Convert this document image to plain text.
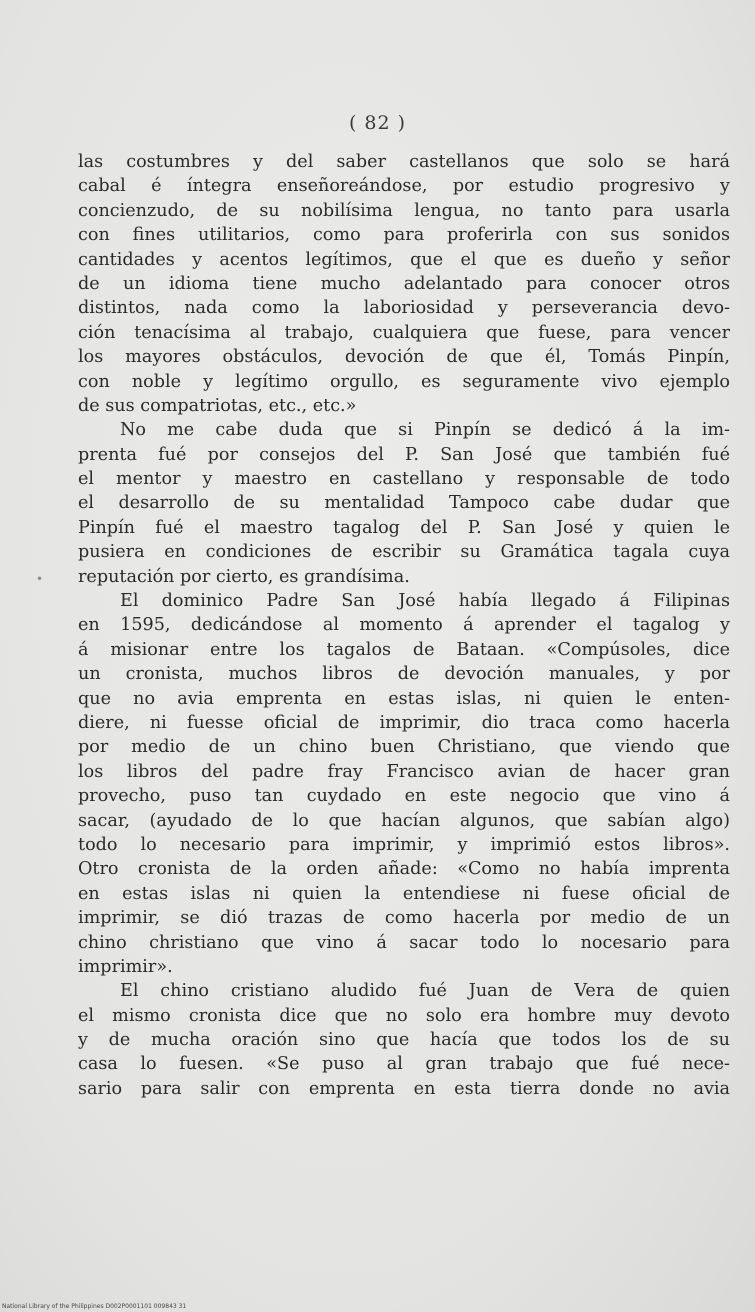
( 82 )
•
las costumbres y del saber castellanos que solo se hará
cabal é íntegra enseñoreándose, por estudio progresivo y
concienzudo, de su nobilísima lengua, no tanto para usarla
con fines utilitarios, como para proferirla con sus sonidos
cantidades y acentos legítimos, que el que es dueño y señor
de un idioma tiene mucho adelantado para conocer otros
distintos, nada como la laboriosidad y perseverancia devo-
ción tenacísima al trabajo, cualquiera que fuese, para vencer
los mayores obstáculos, devoción de que él, Tomás Pinpín,
con noble y legítimo orgullo, es seguramente vivo ejemplo
de sus compatriotas, etc., etc.»
No me cabe duda que si Pinpín se dedicó á la im-
prenta fué por consejos del P. San José que también fué
el mentor y maestro en castellano y responsable de todo
el desarrollo de su mentalidad Tampoco cabe dudar que
Pinpín fué el maestro tagalog del P. San José y quien le
pusiera en condiciones de escribir su Gramática tagala cuya
reputación por cierto, es grandísima.
El dominico Padre San José había llegado á Filipinas
en 1595, dedicándose al momento á aprender el tagalog y
á misionar entre los tagalos de Bataan. «Compúsoles, dice
un cronista, muchos libros de devoción manuales, y por
que no avia emprenta en estas islas, ni quien le enten-
diere, ni fuesse oficial de imprimir, dio traca como hacerla
por medio de un chino buen Christiano, que viendo que
los libros del padre fray Francisco avian de hacer gran
provecho, puso tan cuydado en este negocio que vino á
sacar, (ayudado de lo que hacían algunos, que sabían algo)
todo lo necesario para imprimir, y imprimió estos libros».
Otro cronista de la orden añade: «Como no había imprenta
en estas islas ni quien la entendiese ni fuese oficial de
imprimir, se dió trazas de como hacerla por medio de un
chino christiano que vino á sacar todo lo nocesario para
imprimir».
El chino cristiano aludido fué Juan de Vera de quien
el mismo cronista dice que no solo era hombre muy devoto
y de mucha oración sino que hacía que todos los de su
casa lo fuesen. «Se puso al gran trabajo que fué nece-
sario para salir con emprenta en esta tierra donde no avia
National Library of the Philippines D002P0001101 009843 31
